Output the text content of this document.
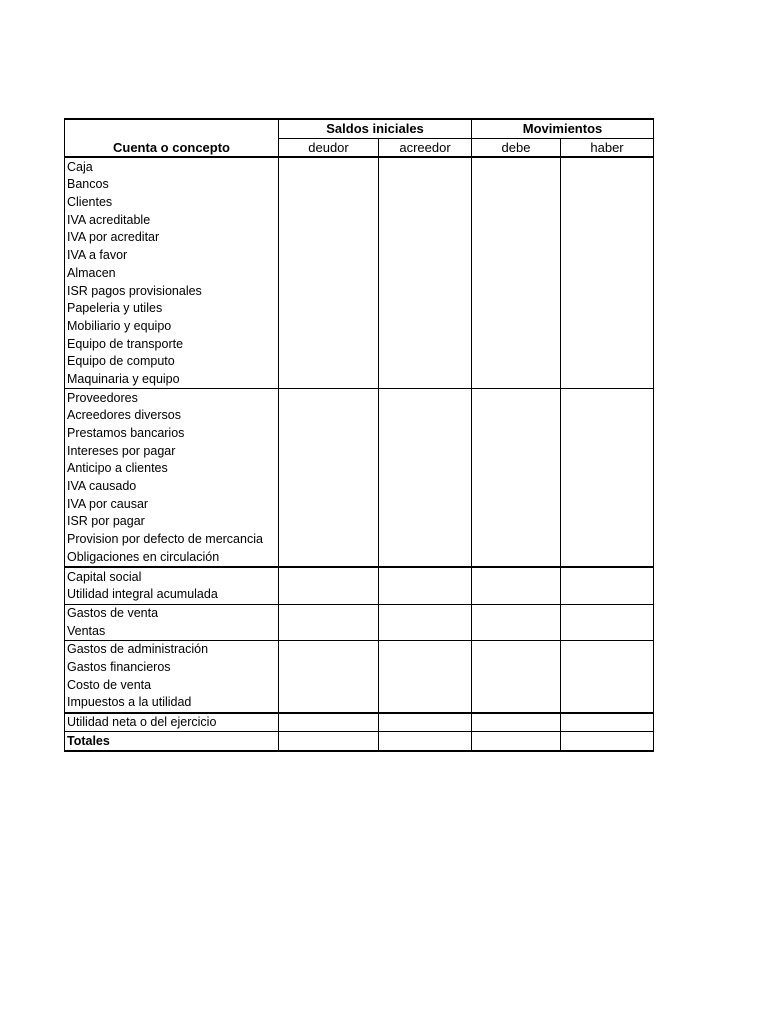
	Saldos iniciales		Movimientos	
Cuenta o concepto	deudor	acreedor	debe	haber
Caja				
Bancos				
Clientes				
IVA acreditable				
IVA por acreditar				
IVA a favor				
Almacen				
ISR pagos provisionales				
Papeleria y utiles				
Mobiliario y equipo				
Equipo de transporte				
Equipo de computo				
Maquinaria y equipo				
Proveedores				
Acreedores diversos				
Prestamos bancarios				
Intereses por pagar				
Anticipo a clientes				
IVA causado				
IVA por causar				
ISR por pagar				
Provision por defecto de mercancia				
Obligaciones en circulación				
Capital social				
Utilidad integral acumulada				
Gastos de venta				
Ventas				
Gastos de administración				
Gastos financieros				
Costo de venta				
Impuestos a la utilidad				
Utilidad neta o del ejercicio				
Totales				
